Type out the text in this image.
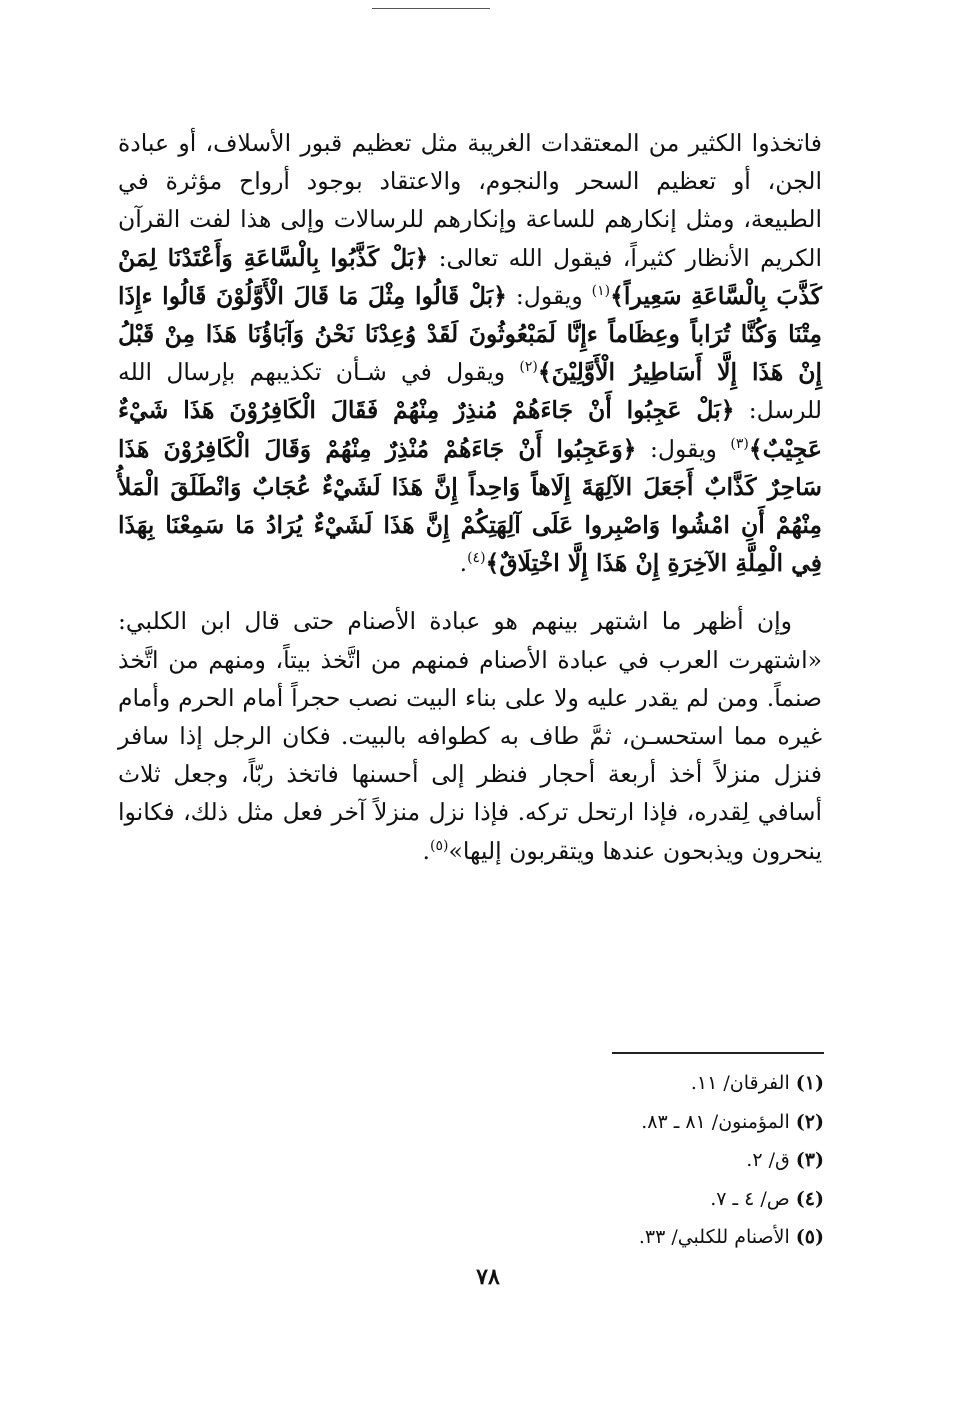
فاتخذوا الكثير من المعتقدات الغريبة مثل تعظيم قبور الأسلاف، أو عبادة الجن، أو تعظيم السحر والنجوم، والاعتقاد بوجود أرواح مؤثرة في الطبيعة، ومثل إنكارهم للساعة وإنكارهم للرسالات وإلى هذا لفت القرآن الكريم الأنظار كثيراً، فيقول الله تعالى: ﴿بَلْ كَذَّبُوا بِالْسَّاعَةِ وَأَعْتَدْنَا لِمَنْ كَذَّبَ بِالْسَّاعَةِ سَعِيراً﴾$^{(١)}$ ويقول: ﴿بَلْ قَالُوا مِثْلَ مَا قَالَ الْأَوَّلُوْنَ قَالُوا ءإِذَا مِتْنَا وَكُنَّا تُرَاباً وعِظَاماً ءإِنَّا لَمَبْعُوثُونَ لَقَدْ وُعِدْنَا نَحْنُ وَآبَاؤُنَا هَذَا مِنْ قَبْلُ إِنْ هَذَا إِلَّا أَسَاطِيرُ الْأَوَّلِيْنَ﴾$^{(٢)}$ ويقول في شـأن تكذيبهم بإرسال الله للرسل: ﴿بَلْ عَجِبُوا أَنْ جَاءَهُمْ مُنذِرٌ مِنْهُمْ فَقَالَ الْكَافِرُوْنَ هَذَا شَيْءٌ عَجِيْبٌ﴾$^{(٣)}$ ويقول: ﴿وَعَجِبُوا أَنْ جَاءَهُمْ مُنْذِرٌ مِنْهُمْ وَقَالَ الْكَافِرُوْنَ هَذَا سَاحِرٌ كَذَّابٌ أَجَعَلَ الآلِهَةَ إِلَاهاً وَاحِداً إِنَّ هَذَا لَشَيْءٌ عُجَابٌ وَانْطَلَقَ الْمَلأُ مِنْهُمْ أَنِ امْشُوا وَاصْبِروا عَلَى آلِهَتِكُمْ إِنَّ هَذَا لَشَيْءٌ يُرَادُ مَا سَمِعْنَا بِهَذَا فِي الْمِلَّةِ الآخِرَةِ إِنْ هَذَا إِلَّا اخْتِلَاقٌ﴾$^{(٤)}$.

وإن أظهر ما اشتهر بينهم هو عبادة الأصنام حتى قال ابن الكلبي: «اشتهرت العرب في عبادة الأصنام فمنهم من اتَّخذ بيتاً، ومنهم من اتَّخذ صنماً. ومن لم يقدر عليه ولا على بناء البيت نصب حجراً أمام الحرم وأمام غيره مما استحسـن، ثمَّ طاف به كطوافه بالبيت. فكان الرجل إذا سافر فنزل منزلاً أخذ أربعة أحجار فنظر إلى أحسنها فاتخذ ربّاً، وجعل ثلاث أسافي لِقدره، فإذا ارتحل تركه. فإذا نزل منزلاً آخر فعل مثل ذلك، فكانوا ينحرون ويذبحون عندها ويتقربون إليها»$^{(٥)}$.

(١) الفرقان/ ١١.
(٢) المؤمنون/ ٨١ ـ ٨٣.
(٣) ق/ ٢.
(٤) ص/ ٤ ـ ٧.
(٥) الأصنام للكلبي/ ٣٣.
٧٨
